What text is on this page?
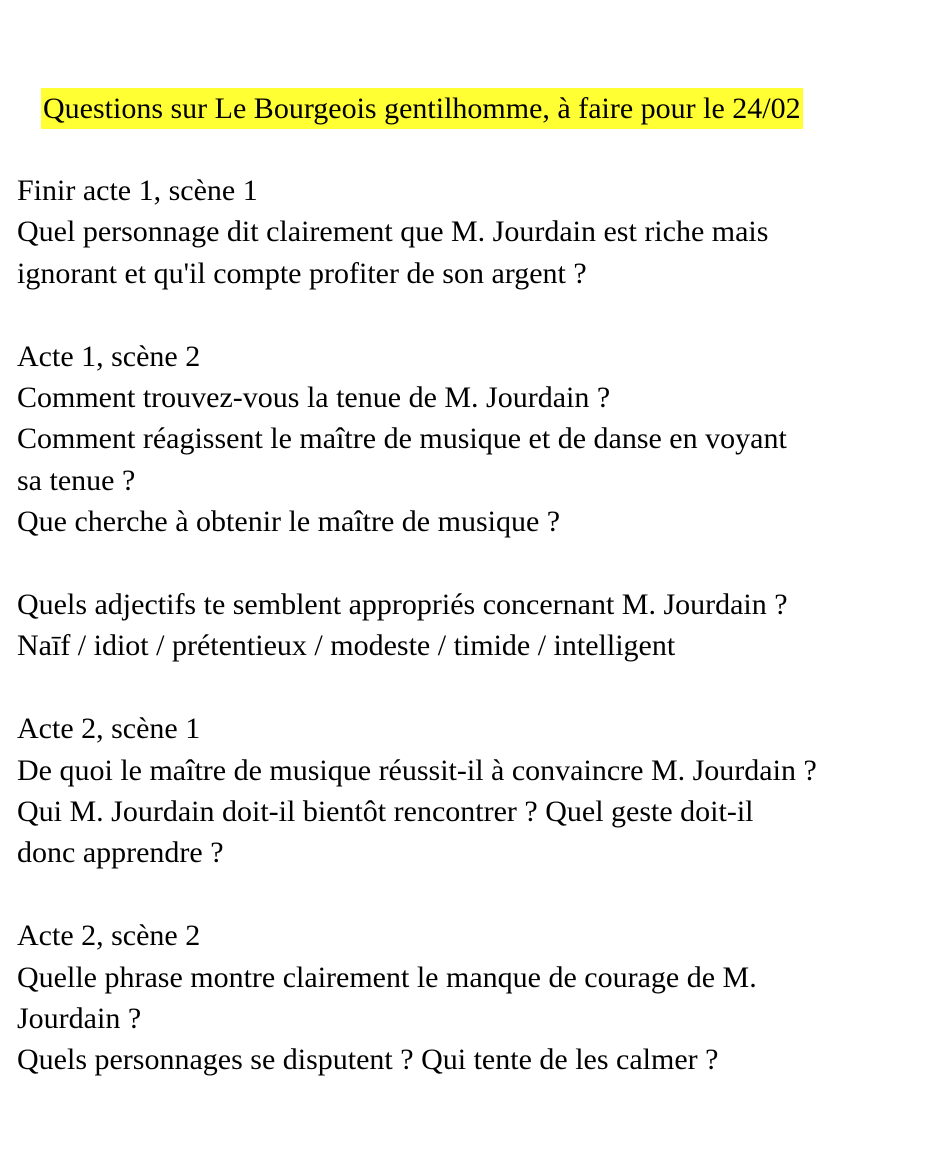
Questions sur Le Bourgeois gentilhomme, à faire pour le 24/02
Finir acte 1, scène 1
Quel personnage dit clairement que M. Jourdain est riche mais
ignorant et qu'il compte profiter de son argent ?
Acte 1, scène 2
Comment trouvez-vous la tenue de M. Jourdain ?
Comment réagissent le maître de musique et de danse en voyant
sa tenue ?
Que cherche à obtenir le maître de musique ?
Quels adjectifs te semblent appropriés concernant M. Jourdain ?
Naīf / idiot / prétentieux / modeste / timide / intelligent
Acte 2, scène 1
De quoi le maître de musique réussit-il à convaincre M. Jourdain ?
Qui M. Jourdain doit-il bientôt rencontrer ? Quel geste doit-il
donc apprendre ?
Acte 2, scène 2
Quelle phrase montre clairement le manque de courage de M.
Jourdain ?
Quels personnages se disputent ? Qui tente de les calmer ?
